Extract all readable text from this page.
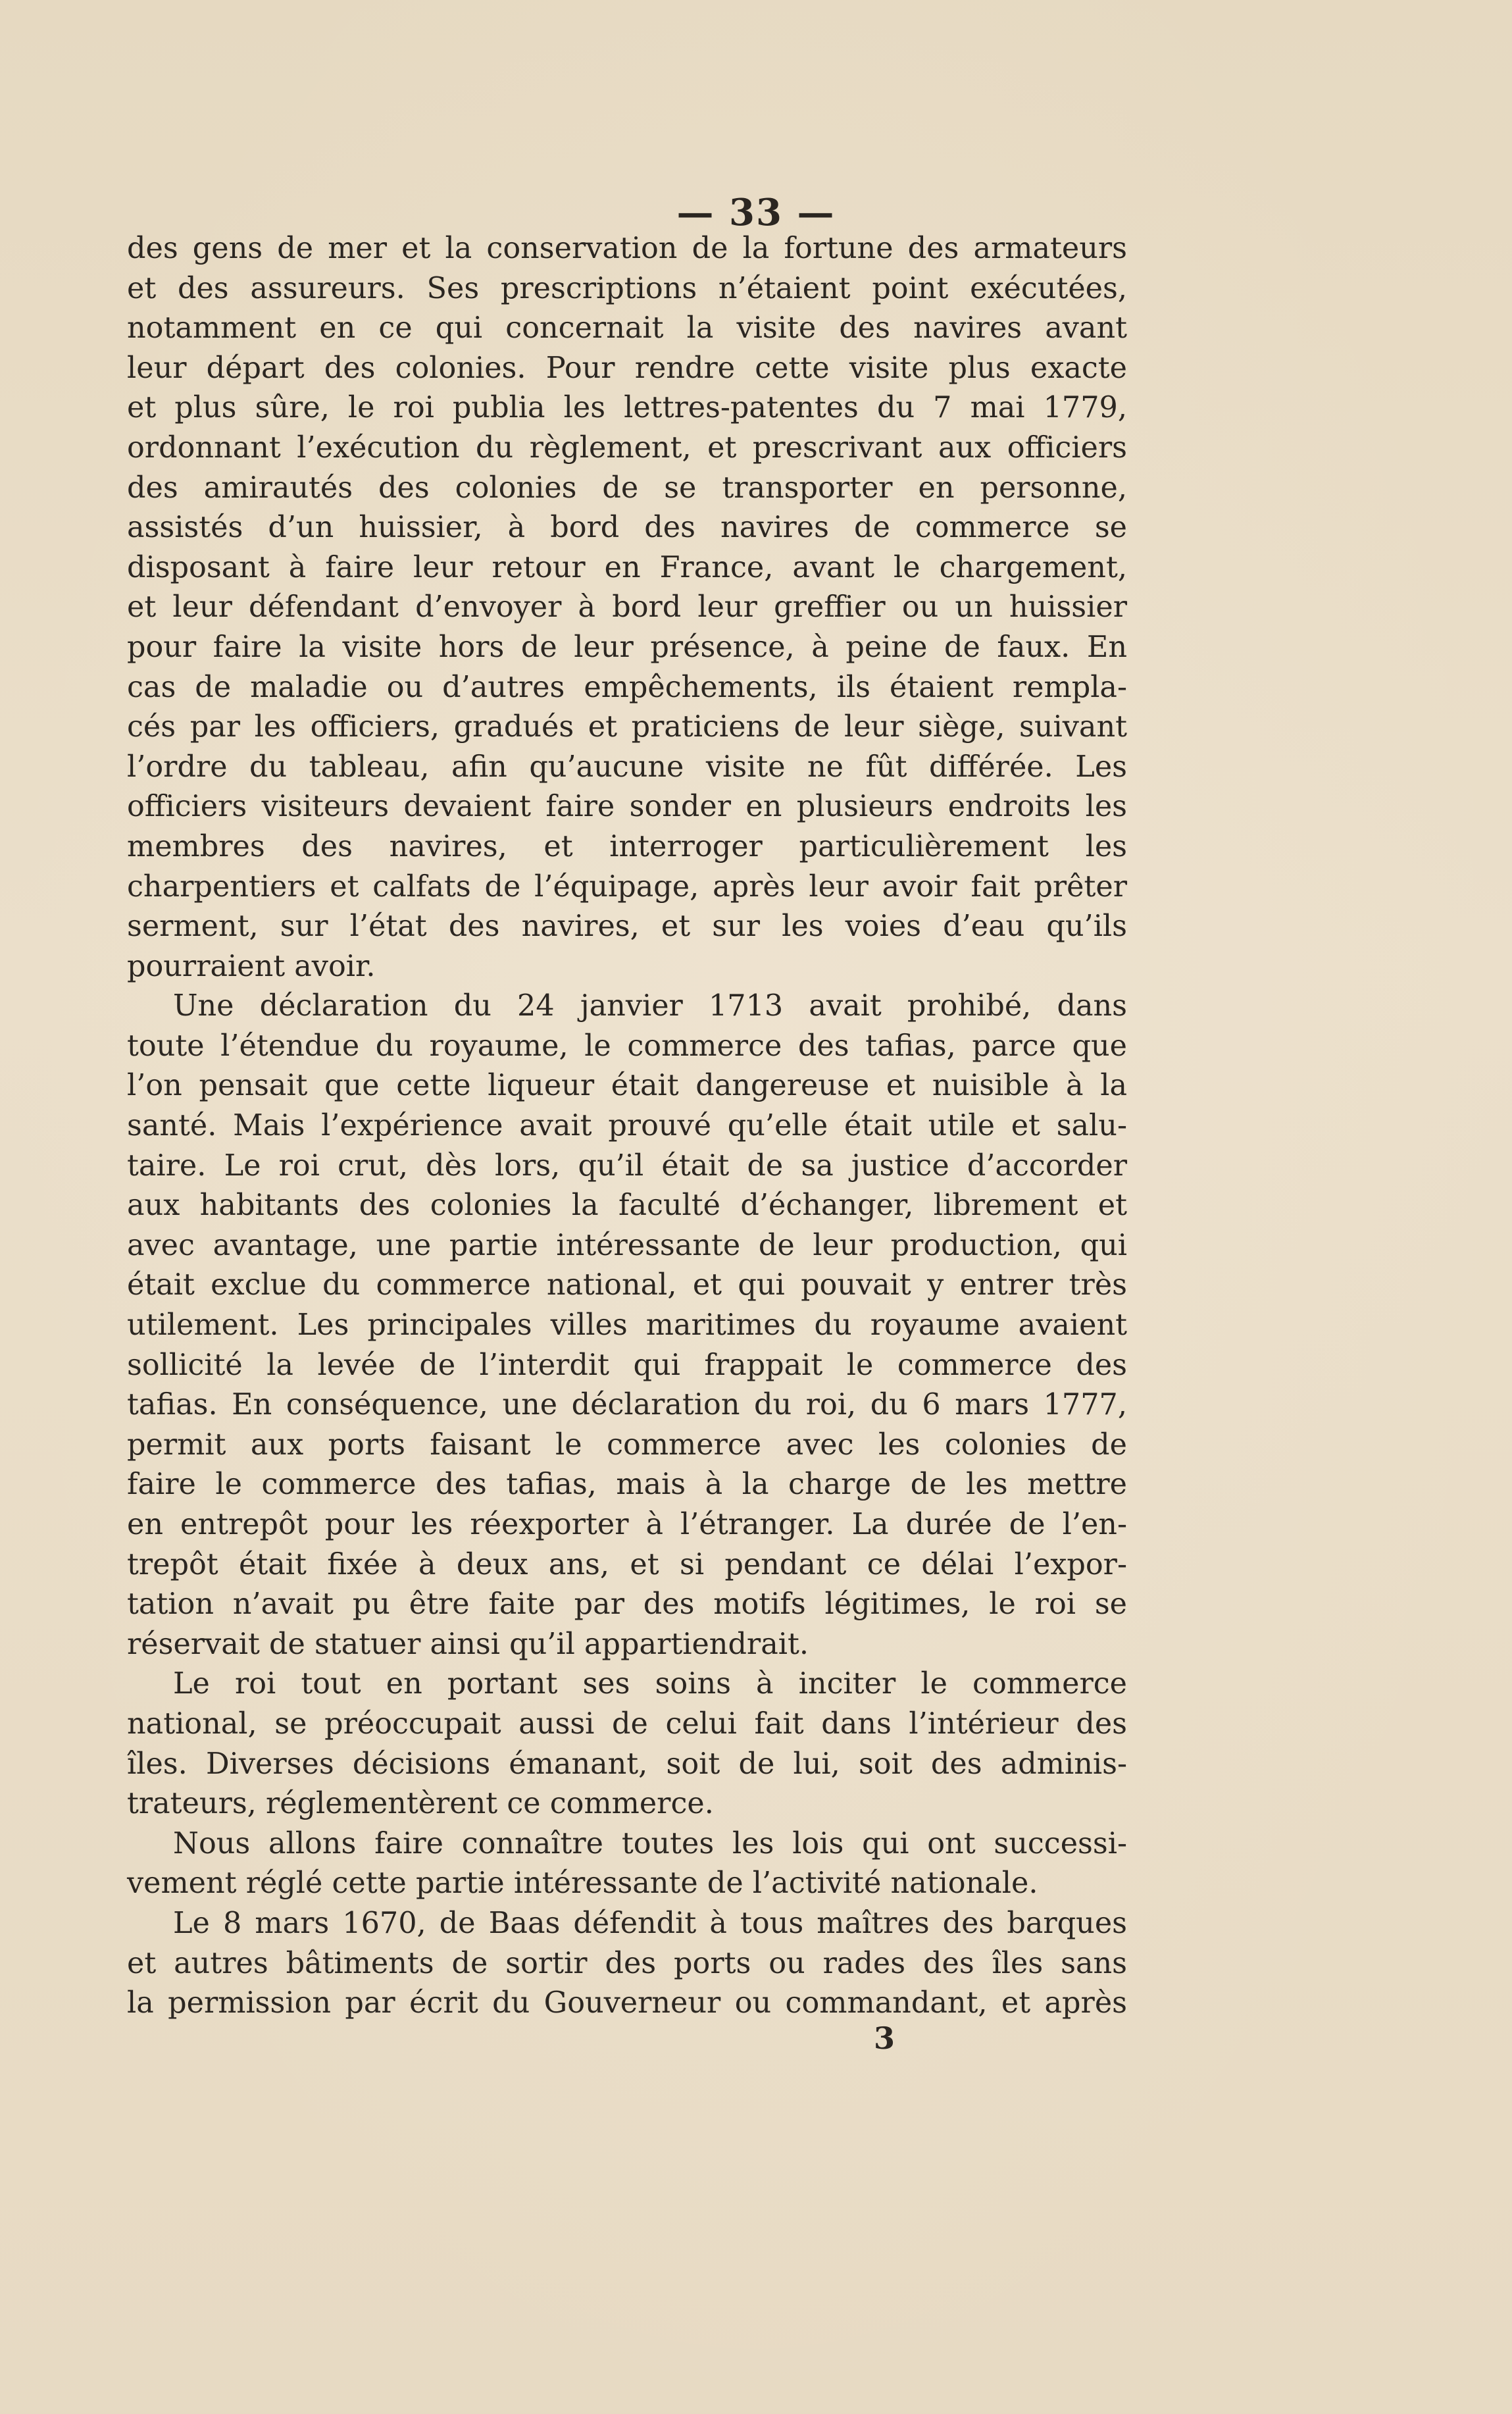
— 33 —
des gens de mer et la conservation de la fortune des armateurs
et des assureurs. Ses prescriptions n’étaient point exécutées,
notamment en ce qui concernait la visite des navires avant
leur départ des colonies. Pour rendre cette visite plus exacte
et plus sûre, le roi publia les lettres-patentes du 7 mai 1779,
ordonnant l’exécution du règlement, et prescrivant aux officiers
des amirautés des colonies de se transporter en personne,
assistés d’un huissier, à bord des navires de commerce se
disposant à faire leur retour en France, avant le chargement,
et leur défendant d’envoyer à bord leur greffier ou un huissier
pour faire la visite hors de leur présence, à peine de faux. En
cas de maladie ou d’autres empêchements, ils étaient rempla-
cés par les officiers, gradués et praticiens de leur siège, suivant
l’ordre du tableau, afin qu’aucune visite ne fût différée. Les
officiers visiteurs devaient faire sonder en plusieurs endroits les
membres des navires, et interroger particulièrement les
charpentiers et calfats de l’équipage, après leur avoir fait prêter
serment, sur l’état des navires, et sur les voies d’eau qu’ils
pourraient avoir.
Une déclaration du 24 janvier 1713 avait prohibé, dans
toute l’étendue du royaume, le commerce des tafias, parce que
l’on pensait que cette liqueur était dangereuse et nuisible à la
santé. Mais l’expérience avait prouvé qu’elle était utile et salu-
taire. Le roi crut, dès lors, qu’il était de sa justice d’accorder
aux habitants des colonies la faculté d’échanger, librement et
avec avantage, une partie intéressante de leur production, qui
était exclue du commerce national, et qui pouvait y entrer très
utilement. Les principales villes maritimes du royaume avaient
sollicité la levée de l’interdit qui frappait le commerce des
tafias. En conséquence, une déclaration du roi, du 6 mars 1777,
permit aux ports faisant le commerce avec les colonies de
faire le commerce des tafias, mais à la charge de les mettre
en entrepôt pour les réexporter à l’étranger. La durée de l’en-
trepôt était fixée à deux ans, et si pendant ce délai l’expor-
tation n’avait pu être faite par des motifs légitimes, le roi se
réservait de statuer ainsi qu’il appartiendrait.
Le roi tout en portant ses soins à inciter le commerce
national, se préoccupait aussi de celui fait dans l’intérieur des
îles. Diverses décisions émanant, soit de lui, soit des adminis-
trateurs, réglementèrent ce commerce.
Nous allons faire connaître toutes les lois qui ont successi-
vement réglé cette partie intéressante de l’activité nationale.
Le 8 mars 1670, de Baas défendit à tous maîtres des barques
et autres bâtiments de sortir des ports ou rades des îles sans
la permission par écrit du Gouverneur ou commandant, et après
3
